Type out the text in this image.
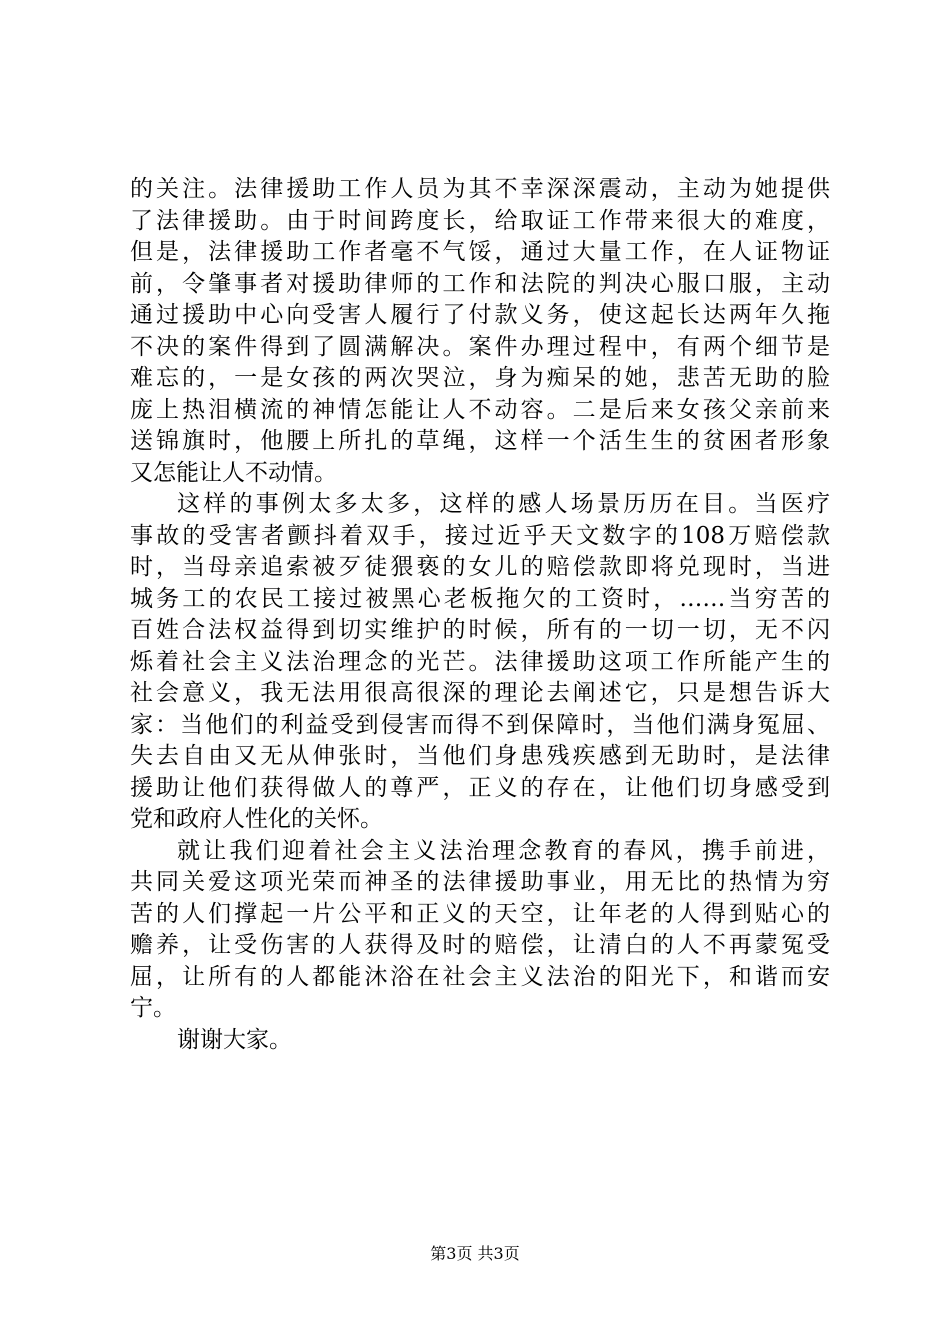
的关注。法律援助工作人员为其不幸深深震动，主动为她提供
了法律援助。由于时间跨度长，给取证工作带来很大的难度，
但是，法律援助工作者毫不气馁，通过大量工作，在人证物证
前，令肇事者对援助律师的工作和法院的判决心服口服，主动
通过援助中心向受害人履行了付款义务，使这起长达两年久拖
不决的案件得到了圆满解决。案件办理过程中，有两个细节是
难忘的，一是女孩的两次哭泣，身为痴呆的她，悲苦无助的脸
庞上热泪横流的神情怎能让人不动容。二是后来女孩父亲前来
送锦旗时，他腰上所扎的草绳，这样一个活生生的贫困者形象
又怎能让人不动情。
这样的事例太多太多，这样的感人场景历历在目。当医疗
事故的受害者颤抖着双手，接过近乎天文数字的108万赔偿款
时，当母亲追索被歹徒猥亵的女儿的赔偿款即将兑现时，当进
城务工的农民工接过被黑心老板拖欠的工资时，……当穷苦的
百姓合法权益得到切实维护的时候，所有的一切一切，无不闪
烁着社会主义法治理念的光芒。法律援助这项工作所能产生的
社会意义，我无法用很高很深的理论去阐述它，只是想告诉大
家：当他们的利益受到侵害而得不到保障时，当他们满身冤屈、
失去自由又无从伸张时，当他们身患残疾感到无助时，是法律
援助让他们获得做人的尊严，正义的存在，让他们切身感受到
党和政府人性化的关怀。
就让我们迎着社会主义法治理念教育的春风，携手前进，
共同关爱这项光荣而神圣的法律援助事业，用无比的热情为穷
苦的人们撑起一片公平和正义的天空，让年老的人得到贴心的
赡养，让受伤害的人获得及时的赔偿，让清白的人不再蒙冤受
屈，让所有的人都能沐浴在社会主义法治的阳光下，和谐而安
宁。
谢谢大家。
第3页 共3页
